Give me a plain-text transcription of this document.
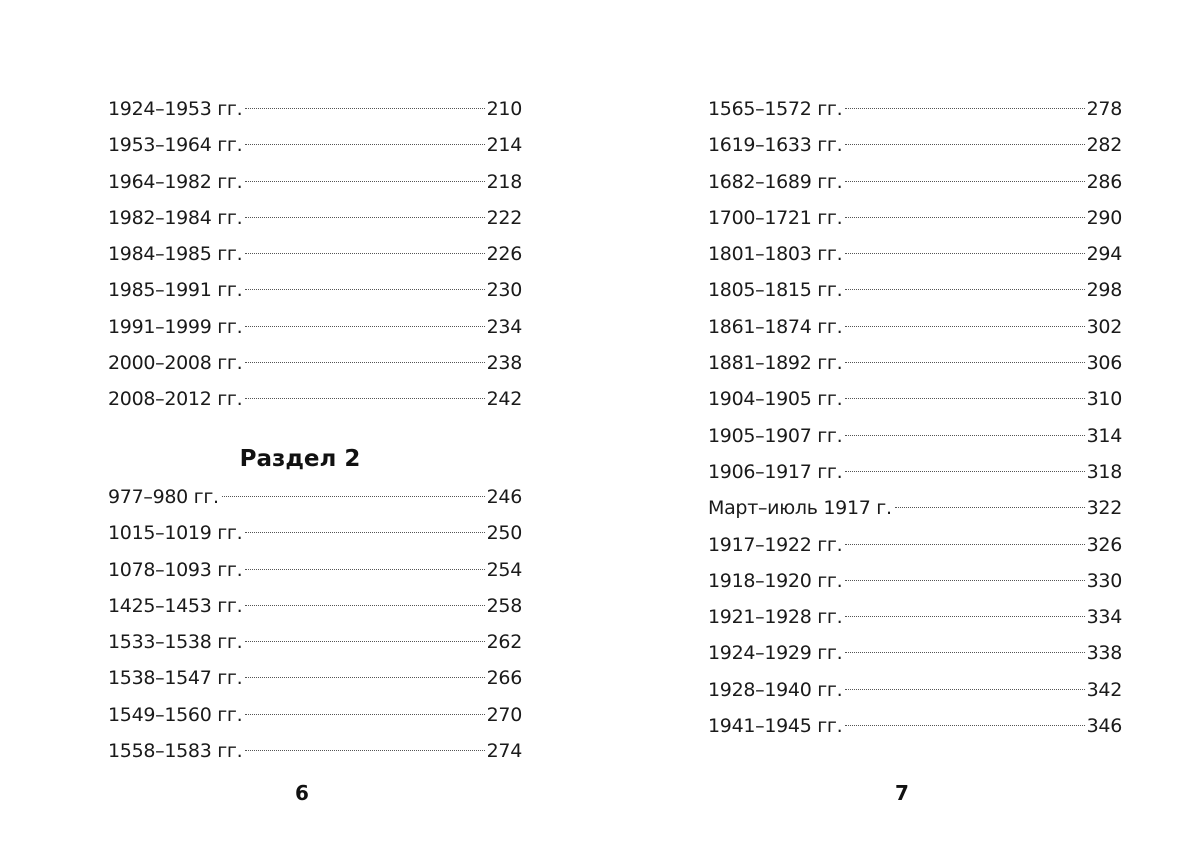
1924–1953 гг.	210
1953–1964 гг.	214
1964–1982 гг.	218
1982–1984 гг.	222
1984–1985 гг.	226
1985–1991 гг.	230
1991–1999 гг.	234
2000–2008 гг.	238
2008–2012 гг.	242
Раздел 2
977–980 гг.	246
1015–1019 гг.	250
1078–1093 гг.	254
1425–1453 гг.	258
1533–1538 гг.	262
1538–1547 гг.	266
1549–1560 гг.	270
1558–1583 гг.	274
6
1565–1572 гг.	278
1619–1633 гг.	282
1682–1689 гг.	286
1700–1721 гг.	290
1801–1803 гг.	294
1805–1815 гг.	298
1861–1874 гг.	302
1881–1892 гг.	306
1904–1905 гг.	310
1905–1907 гг.	314
1906–1917 гг.	318
Март–июль 1917 г.	322
1917–1922 гг.	326
1918–1920 гг.	330
1921–1928 гг.	334
1924–1929 гг.	338
1928–1940 гг.	342
1941–1945 гг.	346
7
